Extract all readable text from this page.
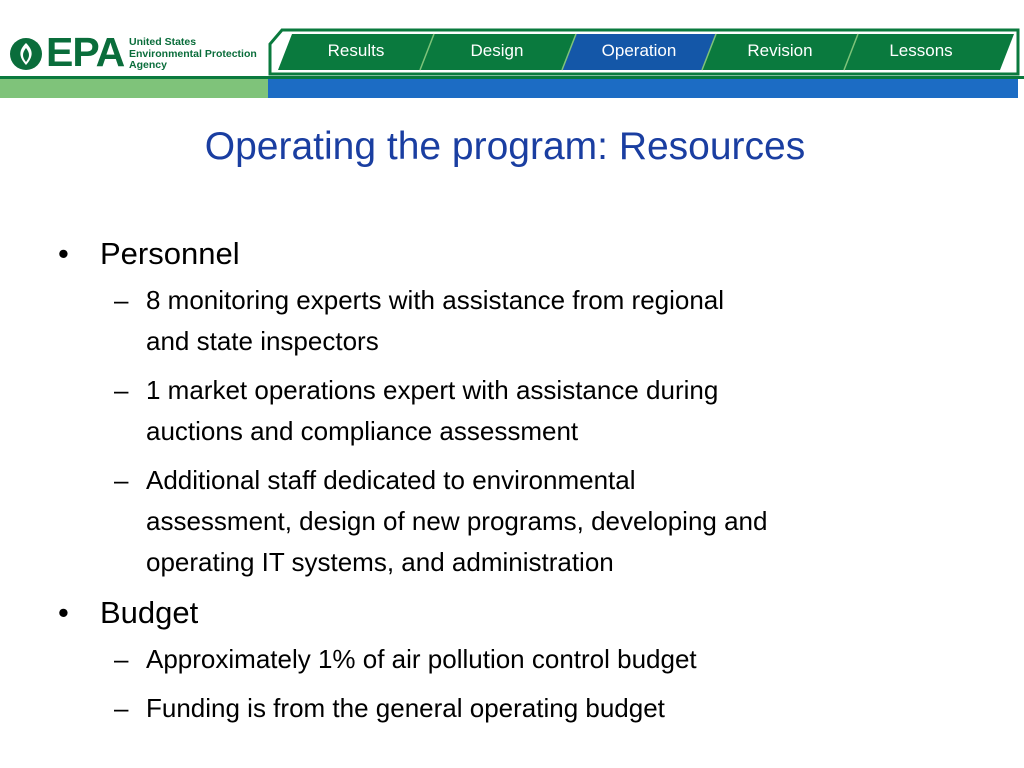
EPA United States
Environmental Protection
Agency
Results	Design	Operation	Revision	Lessons
Operating the program: Resources
• Personnel
– 8 monitoring experts with assistance from regional
and state inspectors
– 1 market operations expert with assistance during
auctions and compliance assessment
– Additional staff dedicated to environmental
assessment, design of new programs, developing and
operating IT systems, and administration
• Budget
– Approximately 1% of air pollution control budget
– Funding is from the general operating budget
